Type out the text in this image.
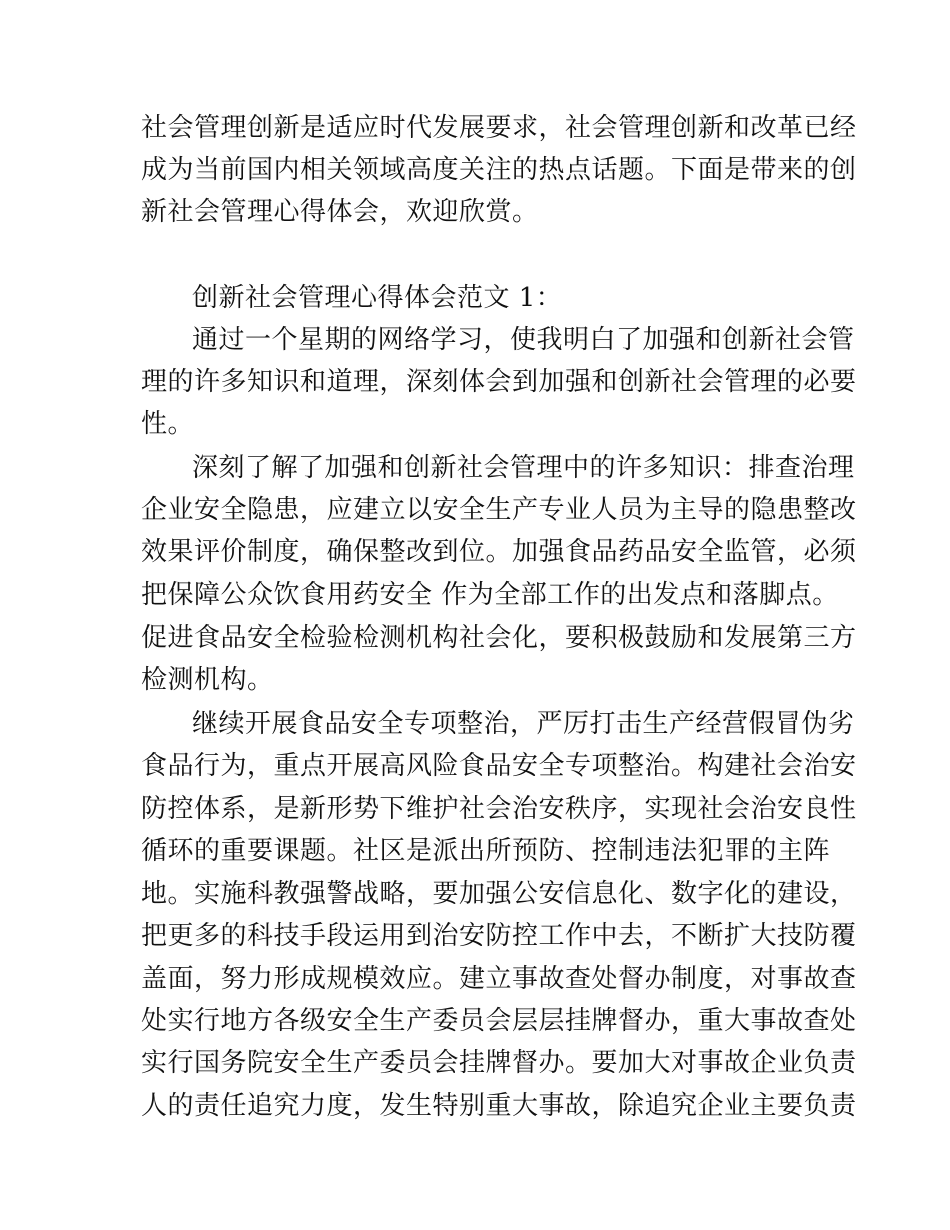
社会管理创新是适应时代发展要求，社会管理创新和改革已经
成为当前国内相关领域高度关注的热点话题。下面是带来的创
新社会管理心得体会，欢迎欣赏。
创新社会管理心得体会范文 1：
通过一个星期的网络学习，使我明白了加强和创新社会管
理的许多知识和道理，深刻体会到加强和创新社会管理的必要
性。
深刻了解了加强和创新社会管理中的许多知识：排查治理
企业安全隐患，应建立以安全生产专业人员为主导的隐患整改
效果评价制度，确保整改到位。加强食品药品安全监管，必须
把保障公众饮食用药安全 作为全部工作的出发点和落脚点。
促进食品安全检验检测机构社会化，要积极鼓励和发展第三方
检测机构。
继续开展食品安全专项整治，严厉打击生产经营假冒伪劣
食品行为，重点开展高风险食品安全专项整治。构建社会治安
防控体系，是新形势下维护社会治安秩序，实现社会治安良性
循环的重要课题。社区是派出所预防、控制违法犯罪的主阵
地。实施科教强警战略，要加强公安信息化、数字化的建设，
把更多的科技手段运用到治安防控工作中去，不断扩大技防覆
盖面，努力形成规模效应。建立事故查处督办制度，对事故查
处实行地方各级安全生产委员会层层挂牌督办，重大事故查处
实行国务院安全生产委员会挂牌督办。要加大对事故企业负责
人的责任追究力度，发生特别重大事故，除追究企业主要负责
